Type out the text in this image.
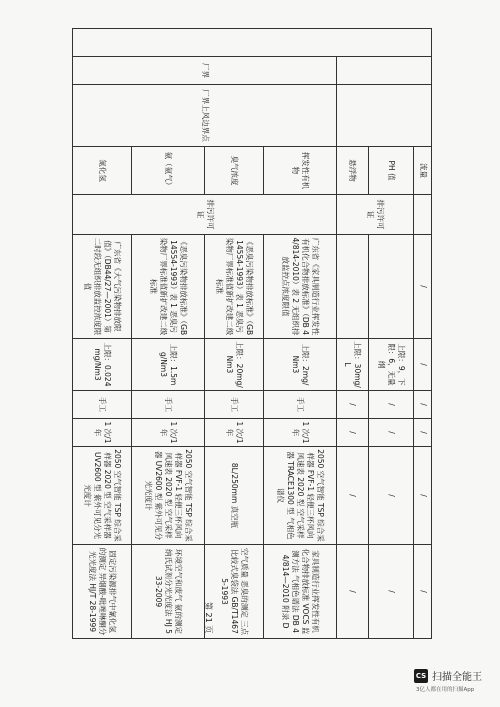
			流量		/	/	/	/	/	/
			PH 值	排污许可证		上限：9，下限：6，无量纲	/	/	/	/
			悬浮物			上限：30mg/L	/	/	/	/
	厂界	厂界上风边界点	挥发性有机物	排污许可证	广东省《家具制造行业挥发性有机化合物排放标准》（DB 44/814-2010）表 2 无组织排放监控点浓度限值	上限：2mg/Nm3	手工	1 次/1 年	2050 空气智能 TSP 综合采样器 FVF-1 轻便三杯风向风速表 2020 型 空气采样器 TRACE1300 型 气相色谱仪	家具制造行业挥发性有机化合物排放标准 VOCS 监测方法 气相色谱法 DB 44/814—2010 附录 D
			臭气浓度		《恶臭污染物排放标准》（GB 14554-1993）表 1 恶臭污染物厂界标准值新扩改建二级标准	上限：20mg/Nm3	手工	1 次/1 年	8L/250mm 真空瓶	空气质量 恶臭的测定 三点比较式臭袋法 GB/T14675-1993
			氨（氨气）		《恶臭污染物排放标准》（GB 14554-1993）表 1 恶臭污染物厂界标准值新扩改建二级标准	上限：1.5mg/Nm3	手工	1 次/1 年	2050 空气智能 TSP 综合采样器 FVF-1 轻便三杯风向风速表 2020 型 空气采样器 UV2600 型 紫外可见分光光度计	环境空气和废气 氨的测定 纳氏试剂分光光度法 HJ 533-2009
			氮化氢		广东省《大气污染物排放限值》（DB44/27—2001）第二时段无组织排放监控浓度限值	上限：0.024mg/Nm3	手工	1 次/1 年	2050 空气智能 TSP 综合采样器 2020 型 空气采样器 UV2600 型 紫外可见分光光度计	固定污染源排气中氰化氢的测定 异烟酸-吡唑啉酮分光光度法 HJ/T 28-1999	第 21 页
CS 扫描全能王
3亿人都在用的扫描App
